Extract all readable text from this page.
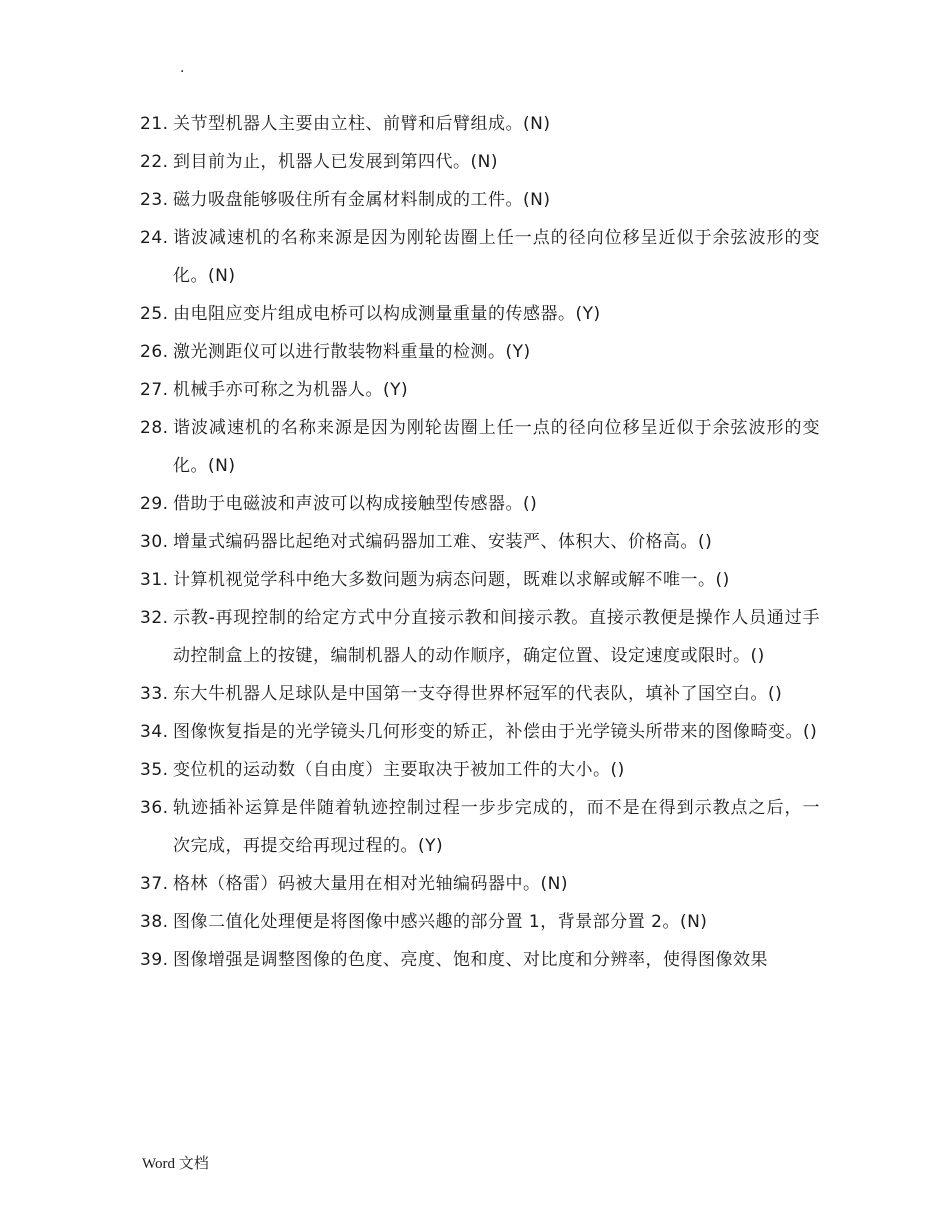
.
21. 关节型机器人主要由立柱、前臂和后臂组成。(N)
22. 到目前为止，机器人已发展到第四代。(N)
23. 磁力吸盘能够吸住所有金属材料制成的工件。(N)
24. 谐波减速机的名称来源是因为刚轮齿圈上任一点的径向位移呈近似于余弦波形的变化。(N)
25. 由电阻应变片组成电桥可以构成测量重量的传感器。(Y)
26. 激光测距仪可以进行散装物料重量的检测。(Y)
27. 机械手亦可称之为机器人。(Y)
28. 谐波减速机的名称来源是因为刚轮齿圈上任一点的径向位移呈近似于余弦波形的变化。(N)
29. 借助于电磁波和声波可以构成接触型传感器。()
30. 增量式编码器比起绝对式编码器加工难、安装严、体积大、价格高。()
31. 计算机视觉学科中绝大多数问题为病态问题，既难以求解或解不唯一。()
32. 示教-再现控制的给定方式中分直接示教和间接示教。直接示教便是操作人员通过手动控制盒上的按键，编制机器人的动作顺序，确定位置、设定速度或限时。()
33. 东大牛机器人足球队是中国第一支夺得世界杯冠军的代表队，填补了国空白。()
34. 图像恢复指是的光学镜头几何形变的矫正，补偿由于光学镜头所带来的图像畸变。()
35. 变位机的运动数（自由度）主要取决于被加工件的大小。()
36. 轨迹插补运算是伴随着轨迹控制过程一步步完成的，而不是在得到示教点之后，一次完成，再提交给再现过程的。(Y)
37. 格林（格雷）码被大量用在相对光轴编码器中。(N)
38. 图像二值化处理便是将图像中感兴趣的部分置 1，背景部分置 2。(N)
39. 图像增强是调整图像的色度、亮度、饱和度、对比度和分辨率，使得图像效果
Word 文档
